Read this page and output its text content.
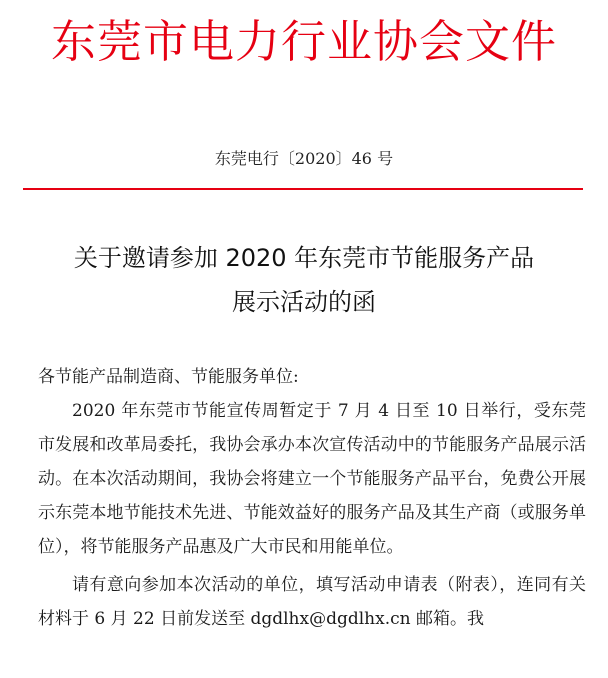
东莞市电力行业协会文件
东莞电行〔2020〕46 号
关于邀请参加 2020 年东莞市节能服务产品
展示活动的函
各节能产品制造商、节能服务单位:

2020 年东莞市节能宣传周暂定于 7 月 4 日至 10 日举行，受东莞市发展和改革局委托，我协会承办本次宣传活动中的节能服务产品展示活动。在本次活动期间，我协会将建立一个节能服务产品平台，免费公开展示东莞本地节能技术先进、节能效益好的服务产品及其生产商（或服务单位），将节能服务产品惠及广大市民和用能单位。

请有意向参加本次活动的单位，填写活动申请表（附表），连同有关材料于 6 月 22 日前发送至 dgdlhx@dgdlhx.cn 邮箱。我
